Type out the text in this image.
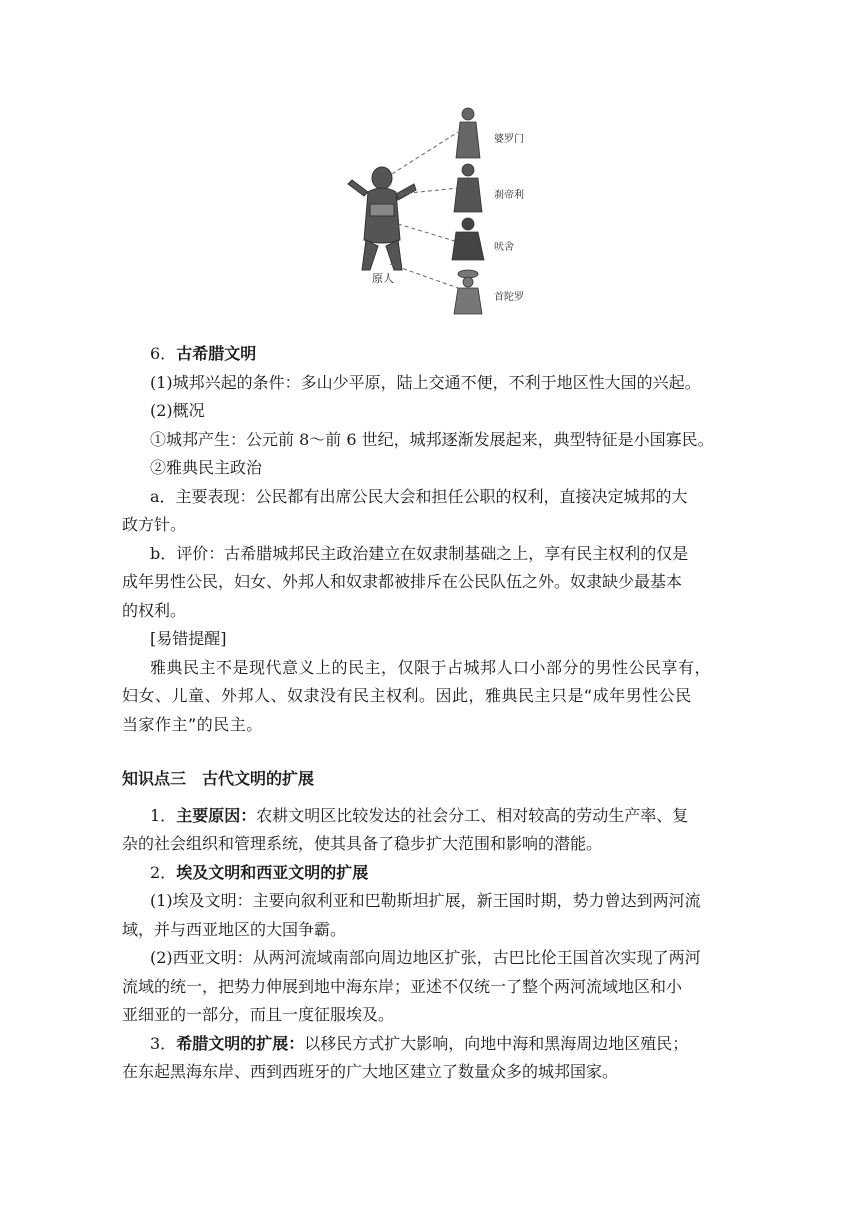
原人
婆罗门
刹帝利
吠舍
首陀罗
6．古希腊文明
(1)城邦兴起的条件：多山少平原，陆上交通不便，不利于地区性大国的兴起。
(2)概况
①城邦产生：公元前 8～前 6 世纪，城邦逐渐发展起来，典型特征是小国寡民。
②雅典民主政治
a．主要表现：公民都有出席公民大会和担任公职的权利，直接决定城邦的大
政方针。
b．评价：古希腊城邦民主政治建立在奴隶制基础之上，享有民主权利的仅是
成年男性公民，妇女、外邦人和奴隶都被排斥在公民队伍之外。奴隶缺少最基本
的权利。
[易错提醒]
雅典民主不是现代意义上的民主，仅限于占城邦人口小部分的男性公民享有，
妇女、儿童、外邦人、奴隶没有民主权利。因此，雅典民主只是“成年男性公民
当家作主”的民主。
知识点三　古代文明的扩展
1．主要原因：农耕文明区比较发达的社会分工、相对较高的劳动生产率、复
杂的社会组织和管理系统，使其具备了稳步扩大范围和影响的潜能。
2．埃及文明和西亚文明的扩展
(1)埃及文明：主要向叙利亚和巴勒斯坦扩展，新王国时期，势力曾达到两河流
域，并与西亚地区的大国争霸。
(2)西亚文明：从两河流域南部向周边地区扩张，古巴比伦王国首次实现了两河
流域的统一，把势力伸展到地中海东岸；亚述不仅统一了整个两河流域地区和小
亚细亚的一部分，而且一度征服埃及。
3．希腊文明的扩展：以移民方式扩大影响，向地中海和黑海周边地区殖民；
在东起黑海东岸、西到西班牙的广大地区建立了数量众多的城邦国家。
